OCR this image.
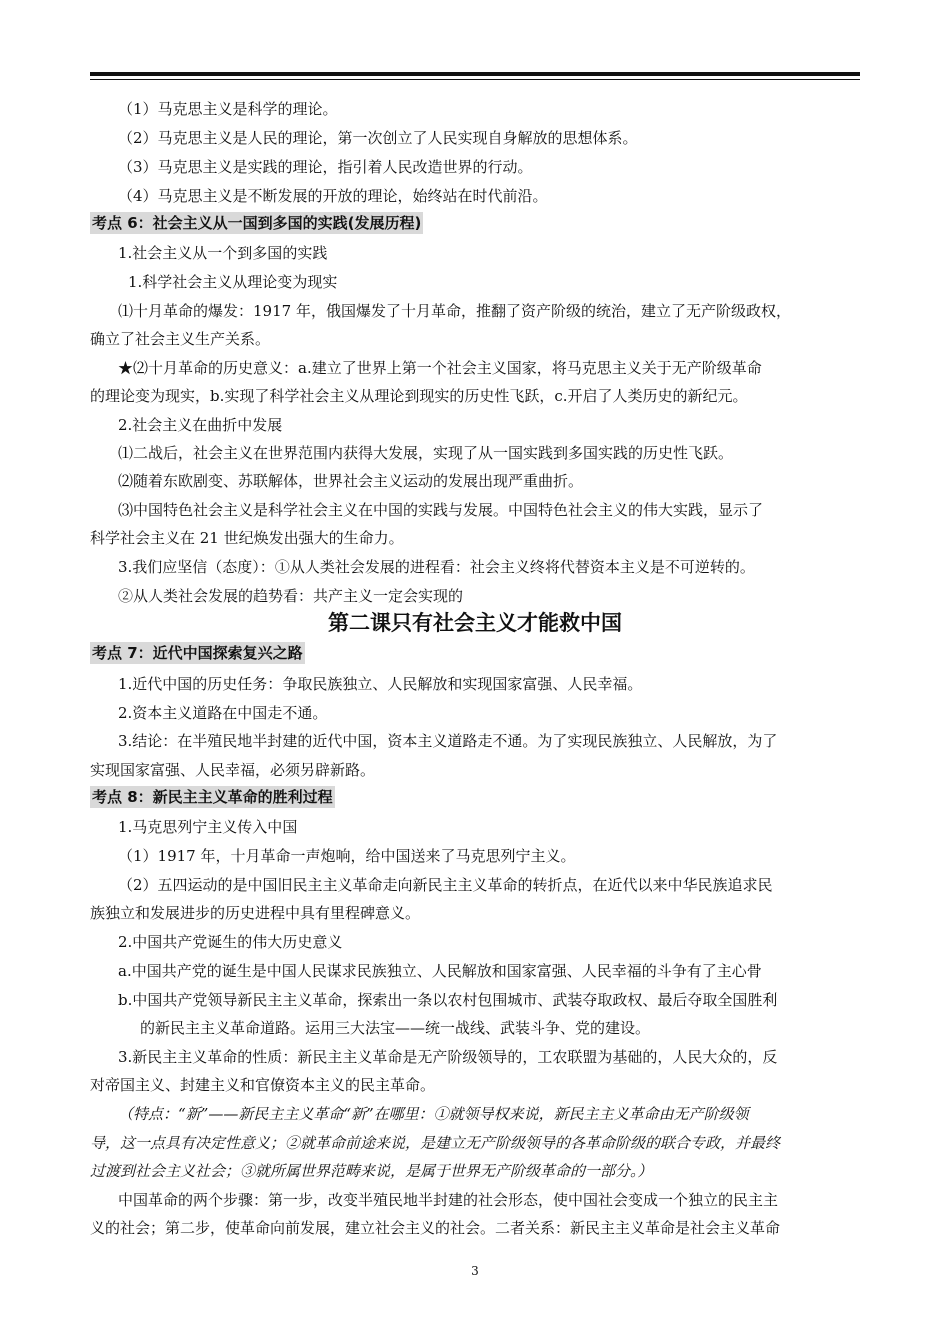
（1）马克思主义是科学的理论。
（2）马克思主义是人民的理论，第一次创立了人民实现自身解放的思想体系。
（3）马克思主义是实践的理论，指引着人民改造世界的行动。
（4）马克思主义是不断发展的开放的理论，始终站在时代前沿。
考点 6：社会主义从一国到多国的实践(发展历程)
1.社会主义从一个到多国的实践
1.科学社会主义从理论变为现实
⑴十月革命的爆发：1917 年，俄国爆发了十月革命，推翻了资产阶级的统治，建立了无产阶级政权，
确立了社会主义生产关系。
★⑵十月革命的历史意义：a.建立了世界上第一个社会主义国家，将马克思主义关于无产阶级革命
的理论变为现实，b.实现了科学社会主义从理论到现实的历史性飞跃，c.开启了人类历史的新纪元。
2.社会主义在曲折中发展
⑴二战后，社会主义在世界范围内获得大发展，实现了从一国实践到多国实践的历史性飞跃。
⑵随着东欧剧变、苏联解体，世界社会主义运动的发展出现严重曲折。
⑶中国特色社会主义是科学社会主义在中国的实践与发展。中国特色社会主义的伟大实践，显示了
科学社会主义在 21 世纪焕发出强大的生命力。
3.我们应坚信（态度）：①从人类社会发展的进程看：社会主义终将代替资本主义是不可逆转的。
②从人类社会发展的趋势看：共产主义一定会实现的
第二课只有社会主义才能救中国
考点 7：近代中国探索复兴之路
1.近代中国的历史任务：争取民族独立、人民解放和实现国家富强、人民幸福。
2.资本主义道路在中国走不通。
3.结论：在半殖民地半封建的近代中国，资本主义道路走不通。为了实现民族独立、人民解放，为了
实现国家富强、人民幸福，必须另辟新路。
考点 8：新民主主义革命的胜利过程
1.马克思列宁主义传入中国
（1）1917 年，十月革命一声炮响，给中国送来了马克思列宁主义。
（2）五四运动的是中国旧民主主义革命走向新民主主义革命的转折点，在近代以来中华民族追求民
族独立和发展进步的历史进程中具有里程碑意义。
2.中国共产党诞生的伟大历史意义
a.中国共产党的诞生是中国人民谋求民族独立、人民解放和国家富强、人民幸福的斗争有了主心骨
b.中国共产党领导新民主主义革命，探索出一条以农村包围城市、武装夺取政权、最后夺取全国胜利
的新民主主义革命道路。运用三大法宝——统一战线、武装斗争、党的建设。
3.新民主主义革命的性质：新民主主义革命是无产阶级领导的，工农联盟为基础的，人民大众的，反
对帝国主义、封建主义和官僚资本主义的民主革命。
（特点：“新”——新民主主义革命“新”在哪里：①就领导权来说，新民主主义革命由无产阶级领
导，这一点具有决定性意义；②就革命前途来说，是建立无产阶级领导的各革命阶级的联合专政，并最终
过渡到社会主义社会；③就所属世界范畴来说，是属于世界无产阶级革命的一部分。）
中国革命的两个步骤：第一步，改变半殖民地半封建的社会形态，使中国社会变成一个独立的民主主
义的社会；第二步，使革命向前发展，建立社会主义的社会。二者关系：新民主主义革命是社会主义革命
3
